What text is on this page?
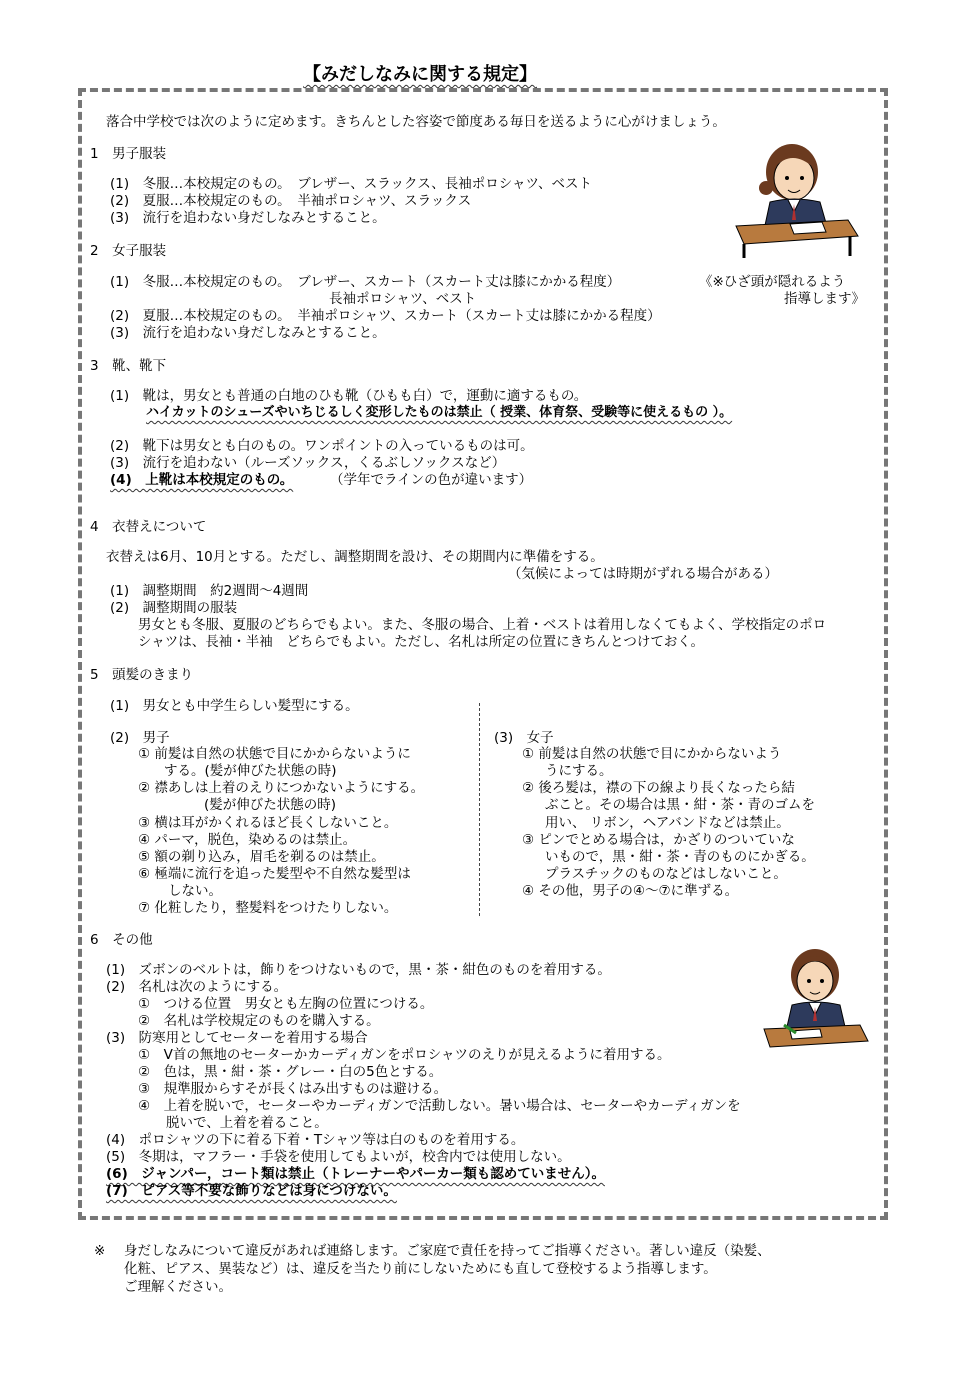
【みだしなみに関する規定】
落合中学校では次のように定めます。きちんとした容姿で節度ある毎日を送るように心がけましょう。
1　男子服装
(1)　冬服…本校規定のもの。　ブレザー、スラックス、長袖ポロシャツ、ベスト
(2)　夏服…本校規定のもの。　半袖ポロシャツ、スラックス
(3)　流行を追わない身だしなみとすること。
2　女子服装
(1)　冬服…本校規定のもの。　ブレザー、スカート（スカート丈は膝にかかる程度）
長袖ポロシャツ、ベスト
《※ひざ頭が隠れるよう
指導します》
(2)　夏服…本校規定のもの。　半袖ポロシャツ、スカート（スカート丈は膝にかかる程度）
(3)　流行を追わない身だしなみとすること。
3　靴、靴下
(1)　靴は，男女とも普通の白地のひも靴（ひもも白）で，運動に適するもの。
ハイカットのシューズやいちじるしく変形したものは禁止（ 授業、体育祭、受験等に使えるもの ）。
(2)　靴下は男女とも白のもの。ワンポイントの入っているものは可。
(3)　流行を追わない（ルーズソックス，くるぶしソックスなど）
(4)　上靴は本校規定のもの。	（学年でラインの色が違います）
4　衣替えについて
衣替えは6月、10月とする。ただし、調整期間を設け、その期間内に準備をする。
（気候によっては時期がずれる場合がある）
(1)　調整期間　約2週間～4週間
(2)　調整期間の服装
男女とも冬服、夏服のどちらでもよい。また、冬服の場合、上着・ベストは着用しなくてもよく、学校指定のポロ
シャツは、長袖・半袖　どちらでもよい。ただし、名札は所定の位置にきちんとつけておく。
5　頭髪のきまり
(1)　男女とも中学生らしい髪型にする。
(2)　男子
① 前髪は自然の状態で目にかからないように
する。(髪が伸びた状態の時)
② 襟あしは上着のえりにつかないようにする。
(髪が伸びた状態の時)
③ 横は耳がかくれるほど長くしないこと。
④ パーマ，脱色，染めるのは禁止。
⑤ 額の剃り込み，眉毛を剃るのは禁止。
⑥ 極端に流行を追った髪型や不自然な髪型は
しない。
⑦ 化粧したり，整髪料をつけたりしない。
(3)　女子
① 前髪は自然の状態で目にかからないよう
うにする。
② 後ろ髪は，襟の下の線より長くなったら結
ぶこと。その場合は黒・紺・茶・青のゴムを
用い、 リボン，ヘアバンドなどは禁止。
③ ピンでとめる場合は，かざりのついていな
いもので，黒・紺・茶・青のものにかぎる。
プラスチックのものなどはしないこと。
④ その他，男子の④～⑦に準ずる。
6　その他
(1)　ズボンのベルトは，飾りをつけないもので，黒・茶・紺色のものを着用する。
(2)　名札は次のようにする。
①　つける位置　男女とも左胸の位置につける。
②　名札は学校規定のものを購入する。
(3)　防寒用としてセーターを着用する場合
①　V首の無地のセーターかカーディガンをポロシャツのえりが見えるように着用する。
②　色は，黒・紺・茶・グレー・白の5色とする。
③　規準服からすそが長くはみ出すものは避ける。
④　上着を脱いで，セーターやカーディガンで活動しない。暑い場合は、セーターやカーディガンを
脱いで、上着を着ること。
(4)　ポロシャツの下に着る下着・Tシャツ等は白のものを着用する。
(5)　冬期は，マフラー・手袋を使用してもよいが，校舎内では使用しない。
(6)　ジャンパー，コート類は禁止（トレーナーやパーカー類も認めていません）。
(7)　ピアス等不要な飾りなどは身につけない。
※ 身だしなみについて違反があれば連絡します。ご家庭で責任を持ってご指導ください。著しい違反（染髪、
化粧、ピアス、異装など）は、違反を当たり前にしないためにも直して登校するよう指導します。
ご理解ください。
